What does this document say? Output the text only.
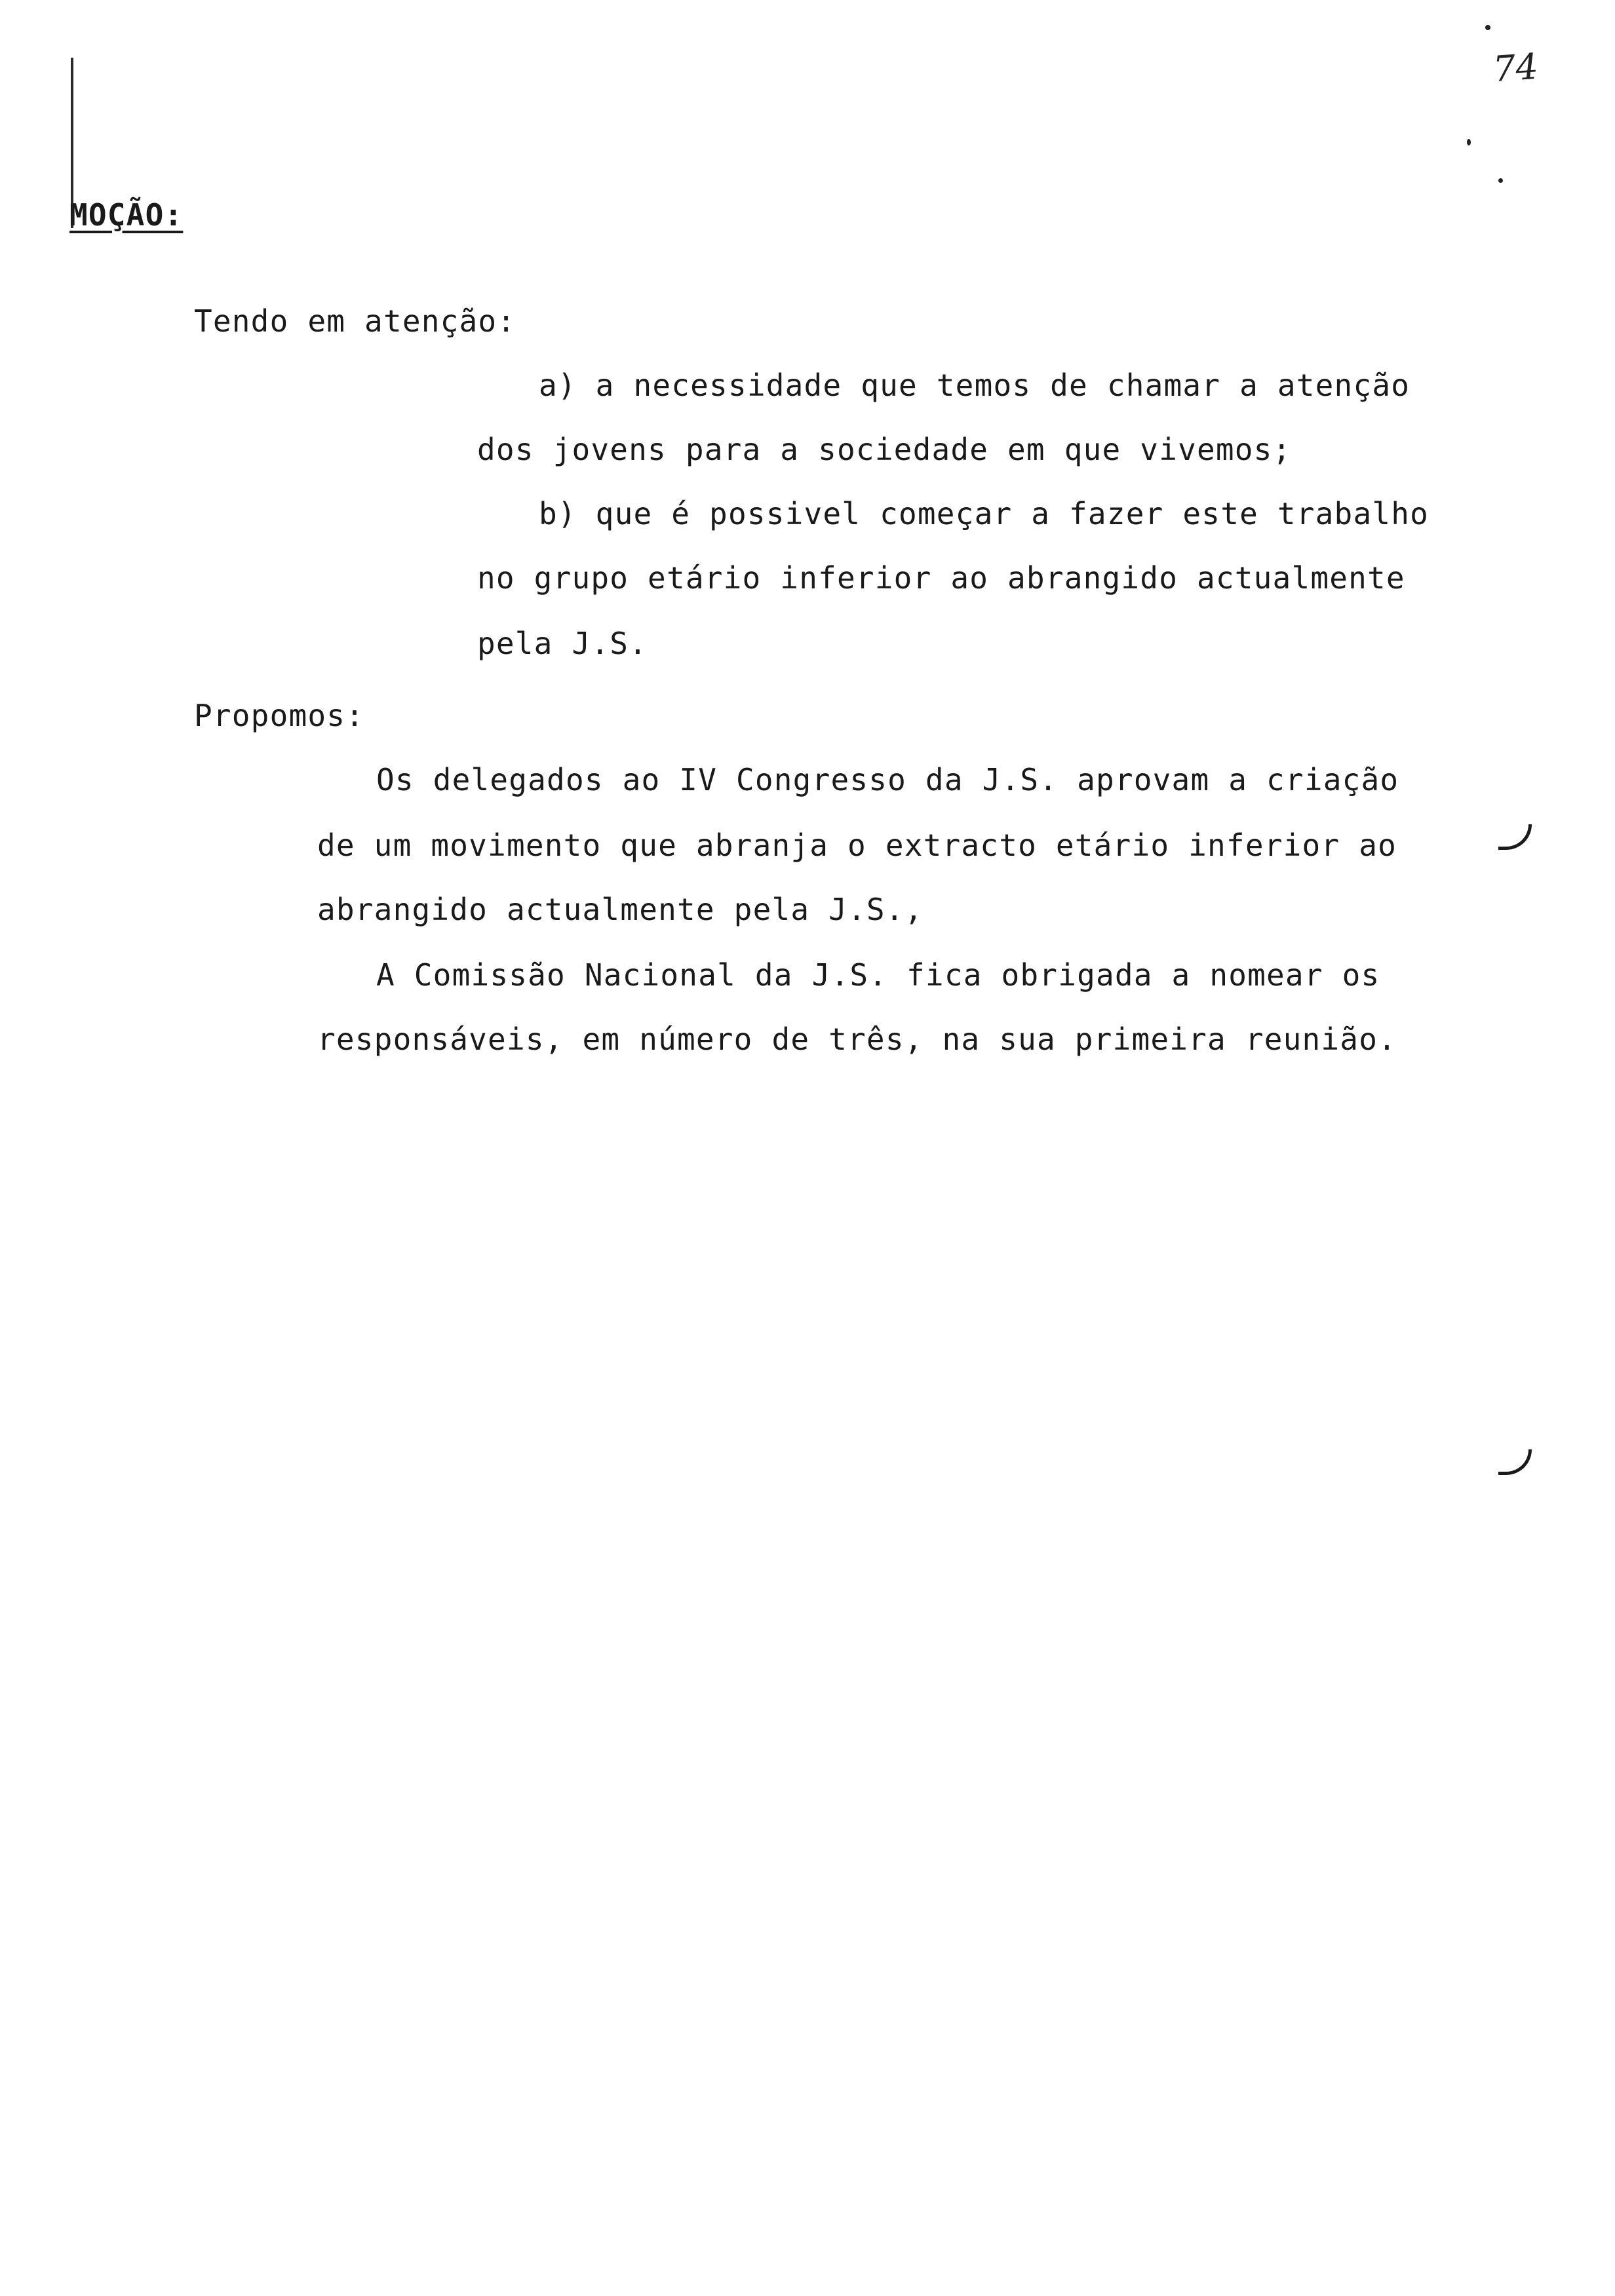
74
MOÇÃO:
Tendo em atenção:
a) a necessidade que temos de chamar a atenção
dos jovens para a sociedade em que vivemos;
b) que é possivel começar a fazer este trabalho
no grupo etário inferior ao abrangido actualmente
pela J.S.
Propomos:
Os delegados ao IV Congresso da J.S. aprovam a criação
de um movimento que abranja o extracto etário inferior ao
abrangido actualmente pela J.S.,
A Comissão Nacional da J.S. fica obrigada a nomear os
responsáveis, em número de três, na sua primeira reunião.
